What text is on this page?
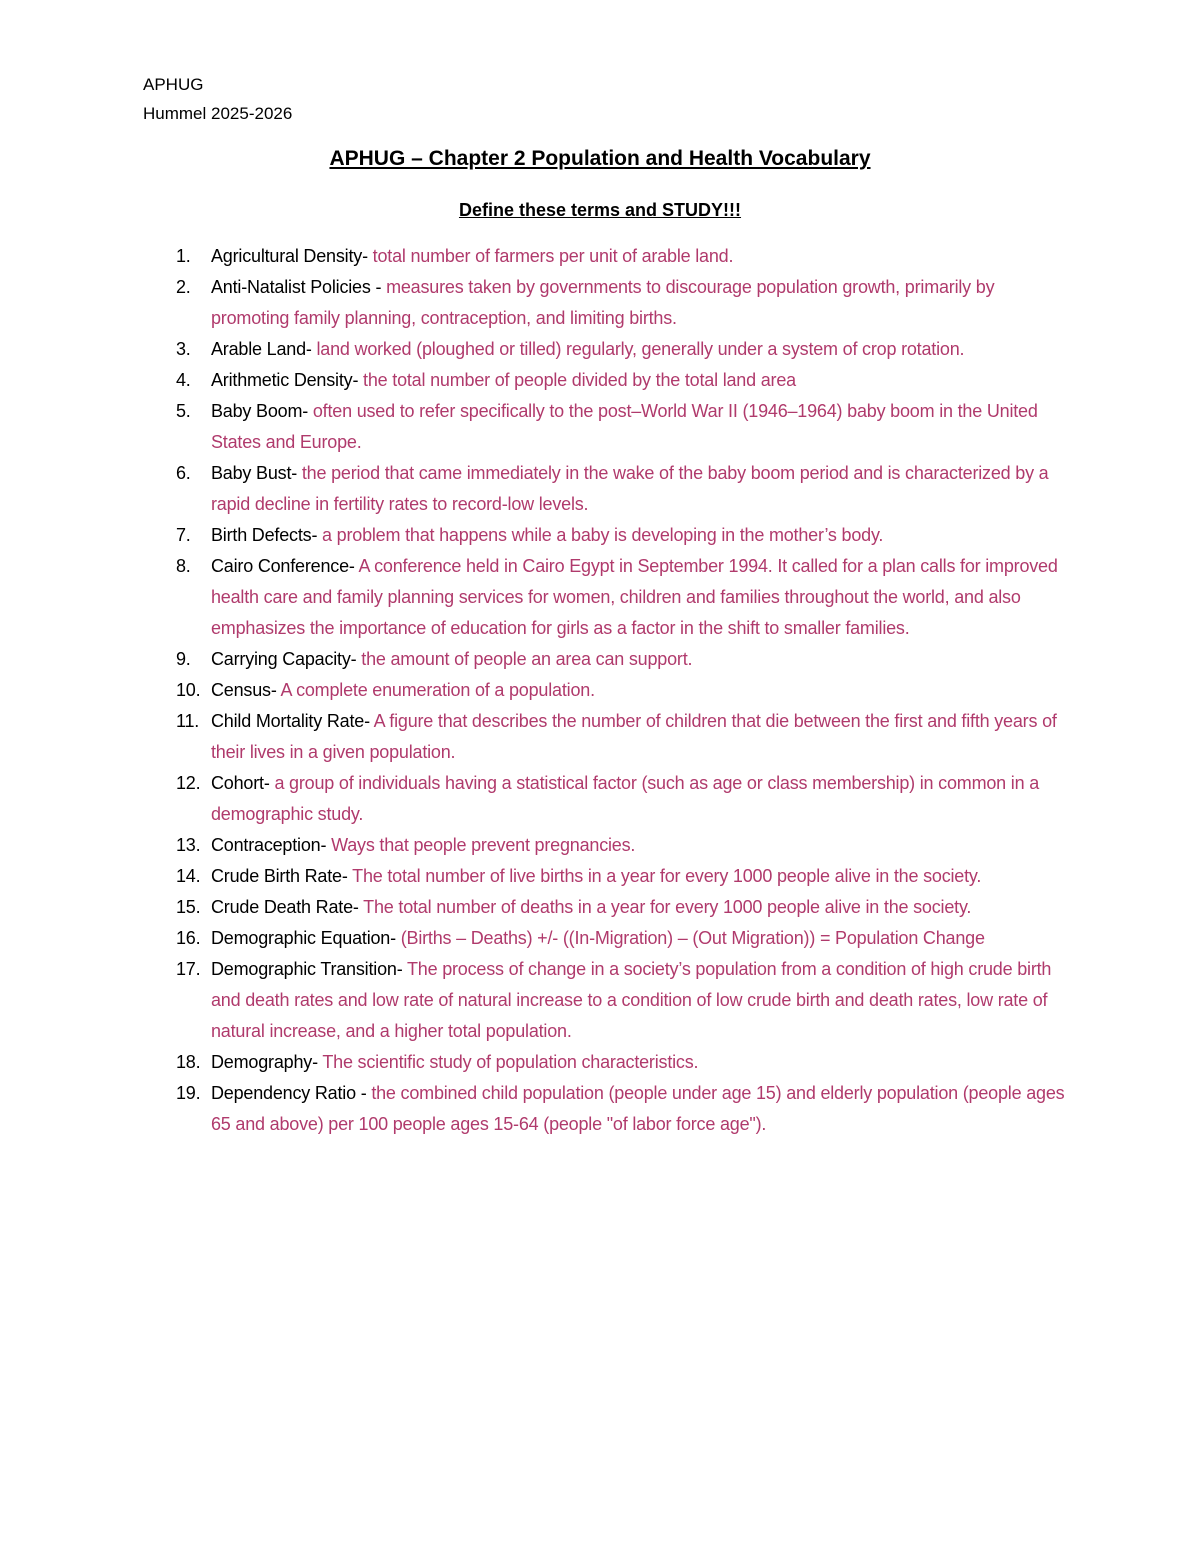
APHUG
Hummel 2025-2026
APHUG – Chapter 2 Population and Health Vocabulary
Define these terms and STUDY!!!
1. Agricultural Density- total number of farmers per unit of arable land.
2. Anti-Natalist Policies - measures taken by governments to discourage population growth, primarily by promoting family planning, contraception, and limiting births.
3. Arable Land- land worked (ploughed or tilled) regularly, generally under a system of crop rotation.
4. Arithmetic Density- the total number of people divided by the total land area
5. Baby Boom- often used to refer specifically to the post–World War II (1946–1964) baby boom in the United States and Europe.
6. Baby Bust- the period that came immediately in the wake of the baby boom period and is characterized by a rapid decline in fertility rates to record-low levels.
7. Birth Defects- a problem that happens while a baby is developing in the mother’s body.
8. Cairo Conference- A conference held in Cairo Egypt in September 1994. It called for a plan calls for improved health care and family planning services for women, children and families throughout the world, and also emphasizes the importance of education for girls as a factor in the shift to smaller families.
9. Carrying Capacity- the amount of people an area can support.
10. Census- A complete enumeration of a population.
11. Child Mortality Rate- A figure that describes the number of children that die between the first and fifth years of their lives in a given population.
12. Cohort- a group of individuals having a statistical factor (such as age or class membership) in common in a demographic study.
13. Contraception- Ways that people prevent pregnancies.
14. Crude Birth Rate- The total number of live births in a year for every 1000 people alive in the society.
15. Crude Death Rate- The total number of deaths in a year for every 1000 people alive in the society.
16. Demographic Equation- (Births – Deaths) +/- ((In-Migration) – (Out Migration)) = Population Change
17. Demographic Transition- The process of change in a society’s population from a condition of high crude birth and death rates and low rate of natural increase to a condition of low crude birth and death rates, low rate of natural increase, and a higher total population.
18. Demography- The scientific study of population characteristics.
19. Dependency Ratio - the combined child population (people under age 15) and elderly population (people ages 65 and above) per 100 people ages 15-64 (people "of labor force age").
